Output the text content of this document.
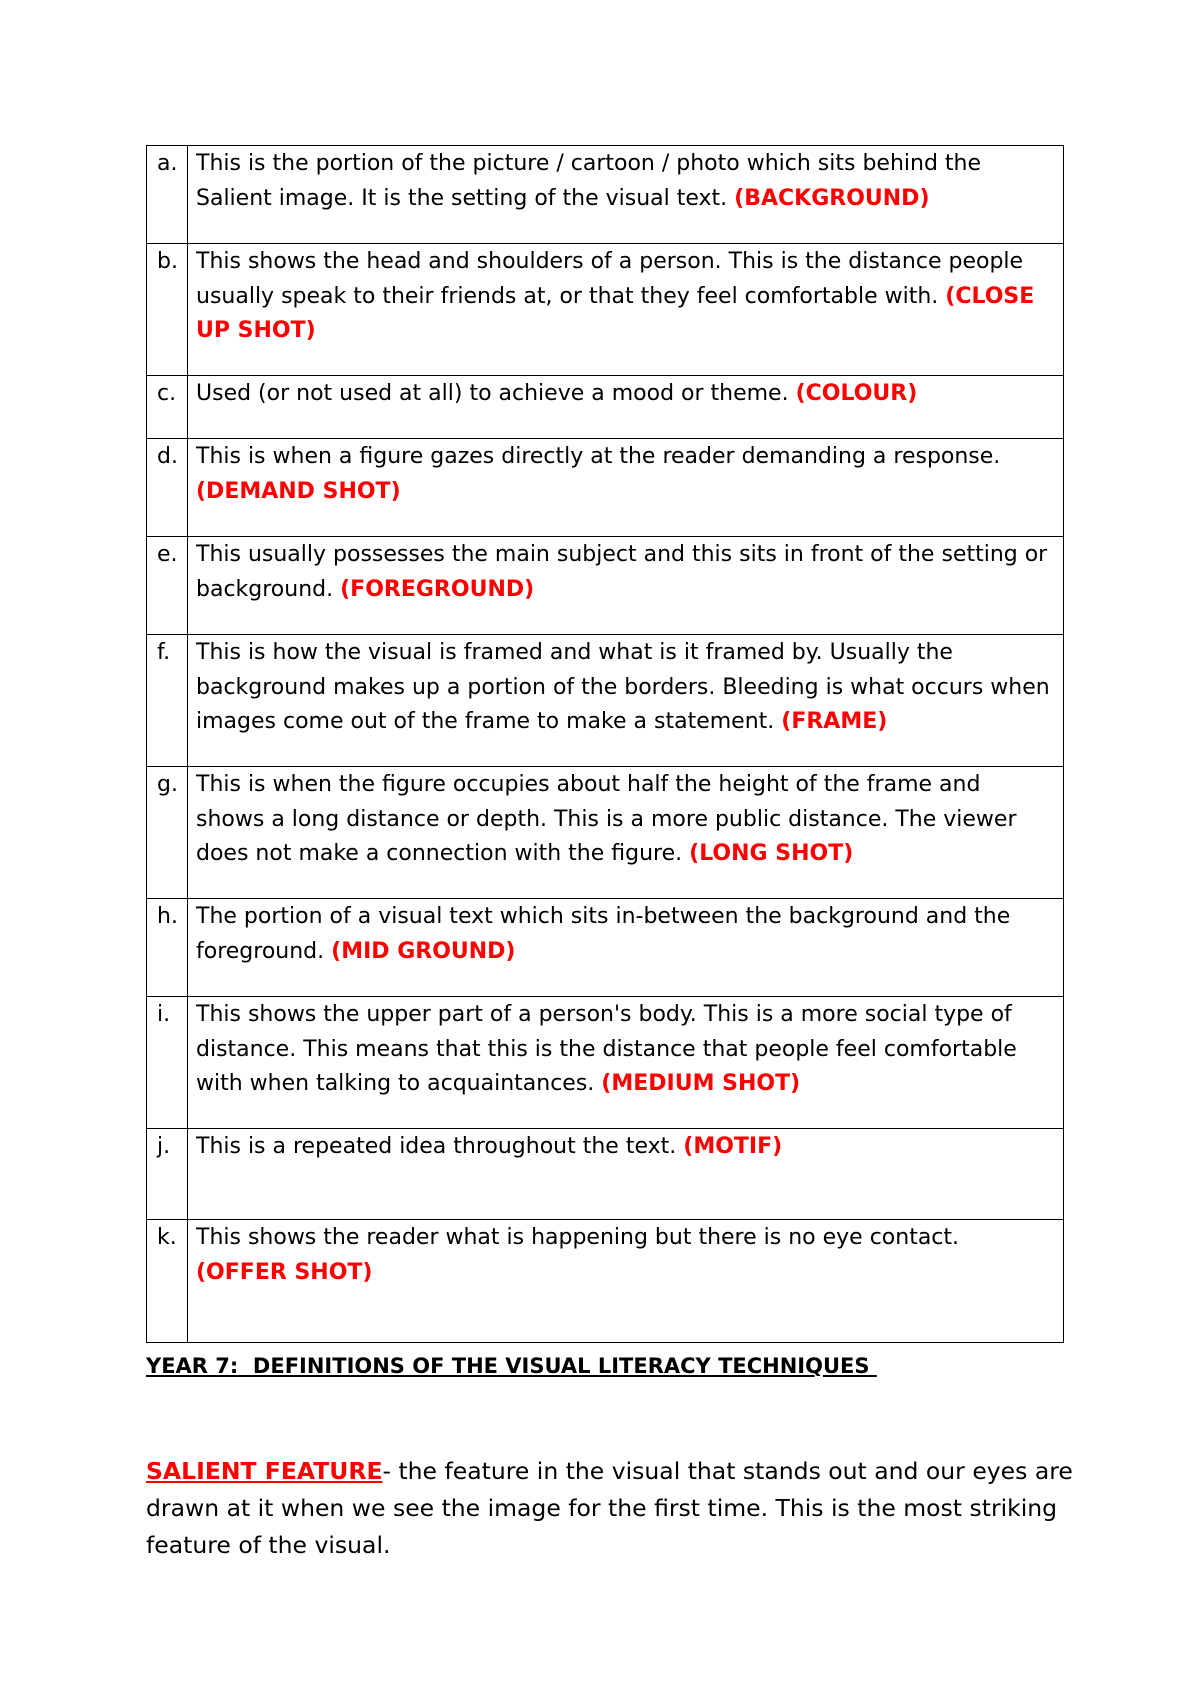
a.	This is the portion of the picture / cartoon / photo which sits behind the Salient image. It is the setting of the visual text. (BACKGROUND)
b.	This shows the head and shoulders of a person. This is the distance people usually speak to their friends at, or that they feel comfortable with. (CLOSE UP SHOT)
c.	Used (or not used at all) to achieve a mood or theme. (COLOUR)
d.	This is when a figure gazes directly at the reader demanding a response. (DEMAND SHOT)
e.	This usually possesses the main subject and this sits in front of the setting or background. (FOREGROUND)
f.	This is how the visual is framed and what is it framed by. Usually the background makes up a portion of the borders. Bleeding is what occurs when images come out of the frame to make a statement. (FRAME)
g.	This is when the figure occupies about half the height of the frame and shows a long distance or depth. This is a more public distance. The viewer does not make a connection with the figure. (LONG SHOT)
h.	The portion of a visual text which sits in-between the background and the foreground. (MID GROUND)
i.	This shows the upper part of a person's body. This is a more social type of distance. This means that this is the distance that people feel comfortable with when talking to acquaintances. (MEDIUM SHOT)
j.	This is a repeated idea throughout the text. (MOTIF)
k.	This shows the reader what is happening but there is no eye contact. (OFFER SHOT)
YEAR 7:  DEFINITIONS OF THE VISUAL LITERACY TECHNIQUES
SALIENT FEATURE- the feature in the visual that stands out and our eyes are drawn at it when we see the image for the first time. This is the most striking feature of the visual.
